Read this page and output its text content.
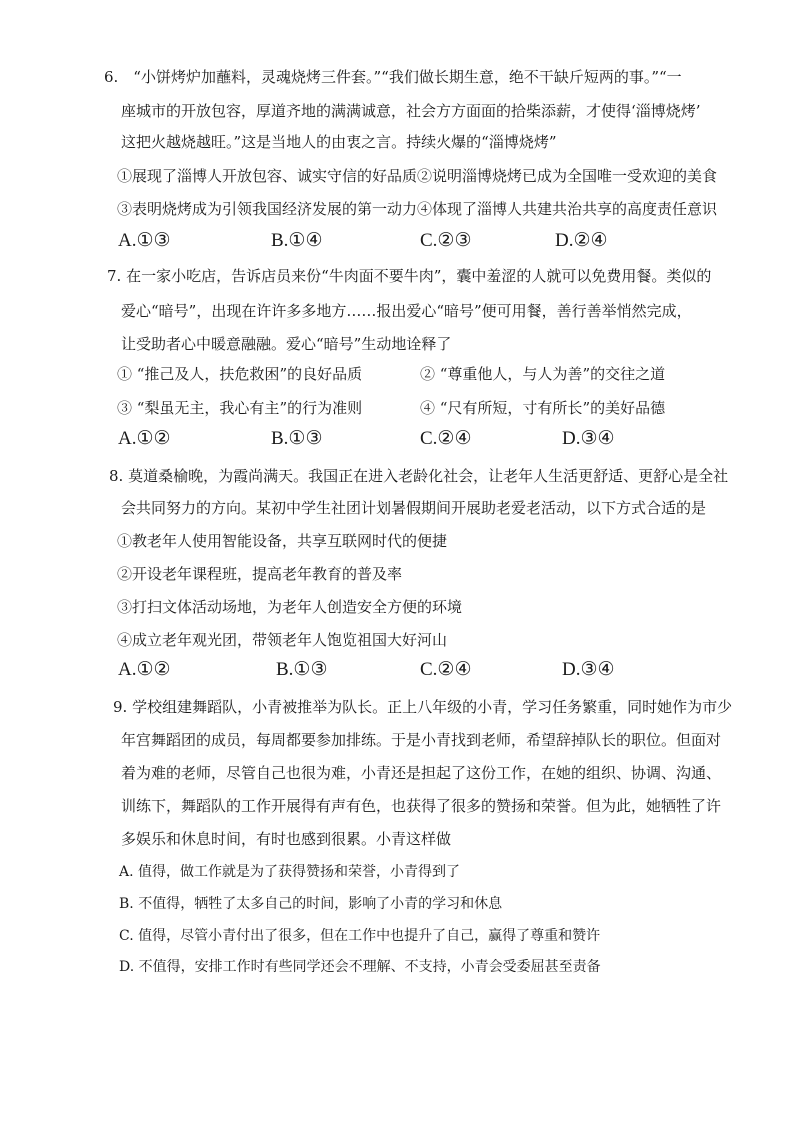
6.　“小饼烤炉加蘸料，灵魂烧烤三件套。”“我们做长期生意，绝不干缺斤短两的事。”“一
座城市的开放包容，厚道齐地的满满诚意，社会方方面面的拾柴添薪，才使得‘淄博烧烤’
这把火越烧越旺。”这是当地人的由衷之言。持续火爆的“淄博烧烤”
①展现了淄博人开放包容、诚实守信的好品质②说明淄博烧烤已成为全国唯一受欢迎的美食
③表明烧烤成为引领我国经济发展的第一动力④体现了淄博人共建共治共享的高度责任意识
A.①③	B.①④	C.②③	D.②④
7. 在一家小吃店，告诉店员来份“牛肉面不要牛肉”，囊中羞涩的人就可以免费用餐。类似的
爱心“暗号”，出现在许许多多地方……报出爱心“暗号”便可用餐，善行善举悄然完成，
让受助者心中暖意融融。爱心“暗号”生动地诠释了
① “推己及人，扶危救困”的良好品质	② “尊重他人，与人为善”的交往之道
③ “梨虽无主，我心有主”的行为准则	④ “尺有所短，寸有所长”的美好品德
A.①②	B.①③	C.②④	D.③④
8. 莫道桑榆晚，为霞尚满天。我国正在进入老龄化社会，让老年人生活更舒适、更舒心是全社
会共同努力的方向。某初中学生社团计划暑假期间开展助老爱老活动，以下方式合适的是
①教老年人使用智能设备，共享互联网时代的便捷
②开设老年课程班，提高老年教育的普及率
③打扫文体活动场地，为老年人创造安全方便的环境
④成立老年观光团，带领老年人饱览祖国大好河山
A.①②	B.①③	C.②④	D.③④
9. 学校组建舞蹈队，小青被推举为队长。正上八年级的小青，学习任务繁重，同时她作为市少
年宫舞蹈团的成员，每周都要参加排练。于是小青找到老师，希望辞掉队长的职位。但面对
着为难的老师，尽管自己也很为难，小青还是担起了这份工作，在她的组织、协调、沟通、
训练下，舞蹈队的工作开展得有声有色，也获得了很多的赞扬和荣誉。但为此，她牺牲了许
多娱乐和休息时间，有时也感到很累。小青这样做
A. 值得，做工作就是为了获得赞扬和荣誉，小青得到了
B. 不值得，牺牲了太多自己的时间，影响了小青的学习和休息
C. 值得，尽管小青付出了很多，但在工作中也提升了自己，赢得了尊重和赞许
D. 不值得，安排工作时有些同学还会不理解、不支持，小青会受委屈甚至责备
